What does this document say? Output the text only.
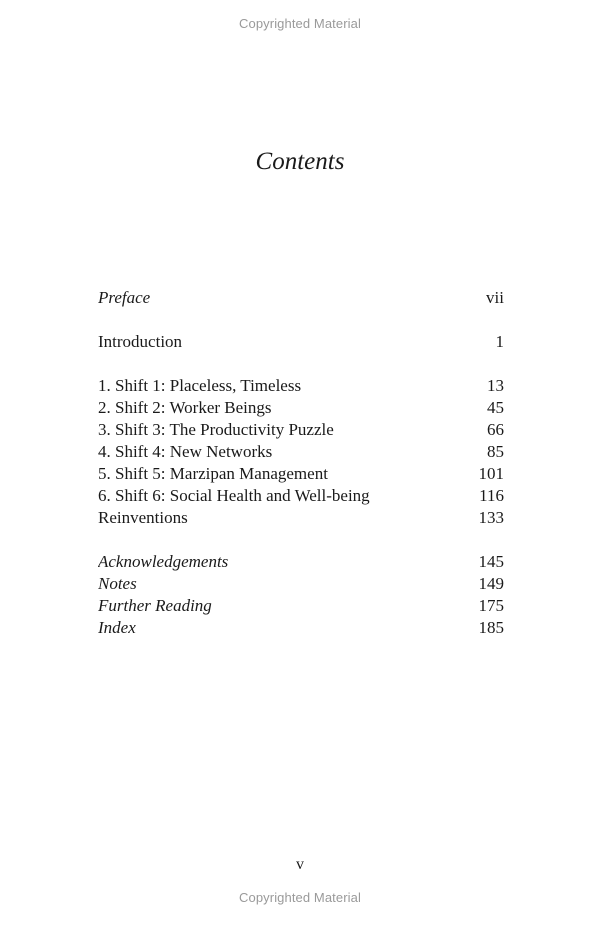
Copyrighted Material
Contents
Preface	vii
Introduction	1
1. Shift 1: Placeless, Timeless	13
2. Shift 2: Worker Beings	45
3. Shift 3: The Productivity Puzzle	66
4. Shift 4: New Networks	85
5. Shift 5: Marzipan Management	101
6. Shift 6: Social Health and Well-being	116
Reinventions	133
Acknowledgements	145
Notes	149
Further Reading	175
Index	185
v
Copyrighted Material
